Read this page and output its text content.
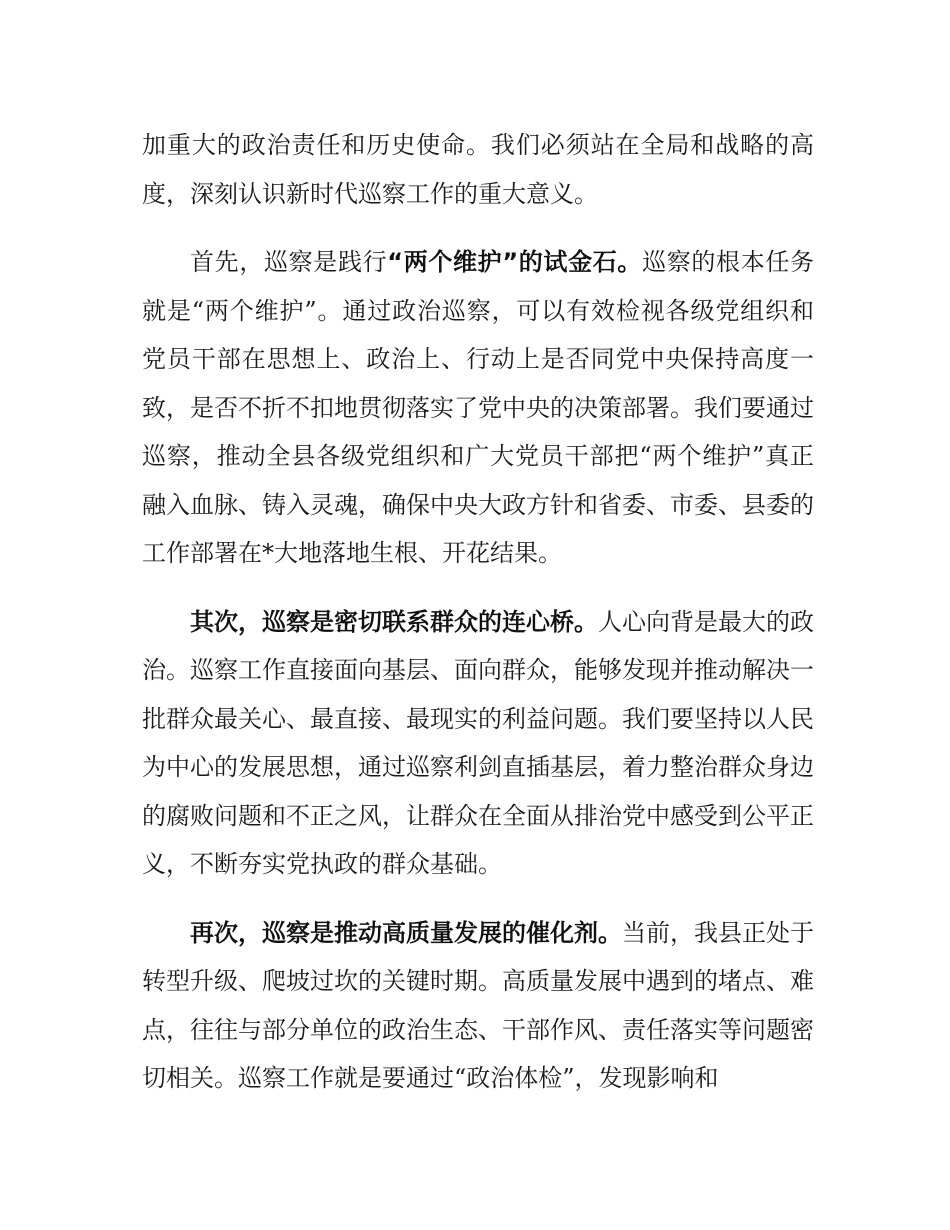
加重大的政治责任和历史使命。我们必须站在全局和战略的高度，深刻认识新时代巡察工作的重大意义。

首先，巡察是践行“两个维护”的试金石。巡察的根本任务就是“两个维护”。通过政治巡察，可以有效检视各级党组织和党员干部在思想上、政治上、行动上是否同党中央保持高度一致，是否不折不扣地贯彻落实了党中央的决策部署。我们要通过巡察，推动全县各级党组织和广大党员干部把“两个维护”真正融入血脉、铸入灵魂，确保中央大政方针和省委、市委、县委的工作部署在*大地落地生根、开花结果。

其次，巡察是密切联系群众的连心桥。人心向背是最大的政治。巡察工作直接面向基层、面向群众，能够发现并推动解决一批群众最关心、最直接、最现实的利益问题。我们要坚持以人民为中心的发展思想，通过巡察利剑直插基层，着力整治群众身边的腐败问题和不正之风，让群众在全面从排治党中感受到公平正义，不断夯实党执政的群众基础。

再次，巡察是推动高质量发展的催化剂。当前，我县正处于转型升级、爬坡过坎的关键时期。高质量发展中遇到的堵点、难点，往往与部分单位的政治生态、干部作风、责任落实等问题密切相关。巡察工作就是要通过“政治体检”，发现影响和
